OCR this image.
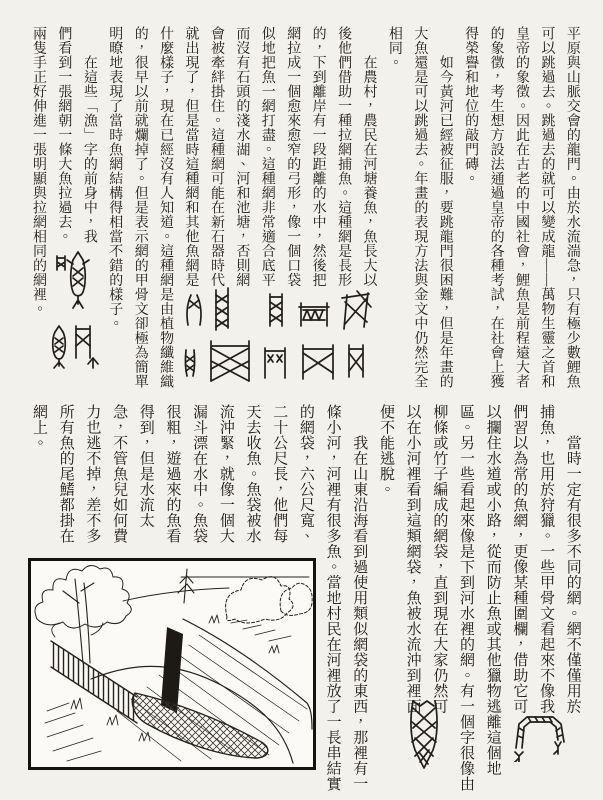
平原與山脈交會的龍門。由於水流湍急，只有極少數鯉魚
可以跳過去。跳過去的就可以變成龍——萬物生靈之首和
皇帝的象徵。因此在古老的中國社會，鯉魚是前程遠大者
的象徵，考生想方設法通過皇帝的各種考試，在社會上獲
得榮譽和地位的敲門磚。
　　如今黃河已經被征服，要跳龍門很困難，但是年畫的
大魚還是可以跳過去。年畫的表現方法與金文中仍然完全
相同。
　　在農村，農民在河塘養魚，魚長大以
後他們借助一種拉網捕魚。這種網是長形
的，下到離岸有一段距離的水中，然後把
網拉成一個愈來愈窄的弓形，像一個口袋
似地把魚一網打盡。這種網非常適合底平
而沒有石頭的淺水湖、河和池塘，否則網
會被牽絆掛住。這種網可能在新石器時代
就出現了，但是當時這種網和其他魚網是
什麼樣子，現在已經沒有人知道。這種網是由植物纖維織
的，很早以前就爛掉了。但是表示網的甲骨文卻極為簡單
明暸地表現了當時魚網結構得相當不錯的樣子。
　　在這些「漁」字的前身中，我
們看到一張網朝一條大魚拉過去。
兩隻手正好伸進一張明顯與拉網相同的網裡。
　　當時一定有很多不同的網。網不僅僅用於
捕魚，也用於狩獵。一些甲骨文看起來不像我
們習以為常的魚網，更像某種圍欄，借助它可
以攔住水道或小路，從而防止魚或其他獵物逃離這個地
區。另一些看起來像是下到河水裡的網。有一個字很像由
柳條或竹子編成的網袋，直到現在大家仍然可
以在小河裡看到這類網袋，魚被水流沖到裡面
便不能逃脫。
　　我在山東沿海看到過使用類似網袋的東西，那裡有一
條小河，河裡有很多魚。當地村民在河裡放了一長串結實
的網袋，六公尺寬、
二十公尺長，他們每
天去收魚。魚袋被水
流沖緊，就像一個大
漏斗漂在水中。魚袋
很粗，遊過來的魚看
得到，但是水流太
急，不管魚兒如何費
力也逃不掉，差不多
所有魚的尾鰭都掛在
網上。
